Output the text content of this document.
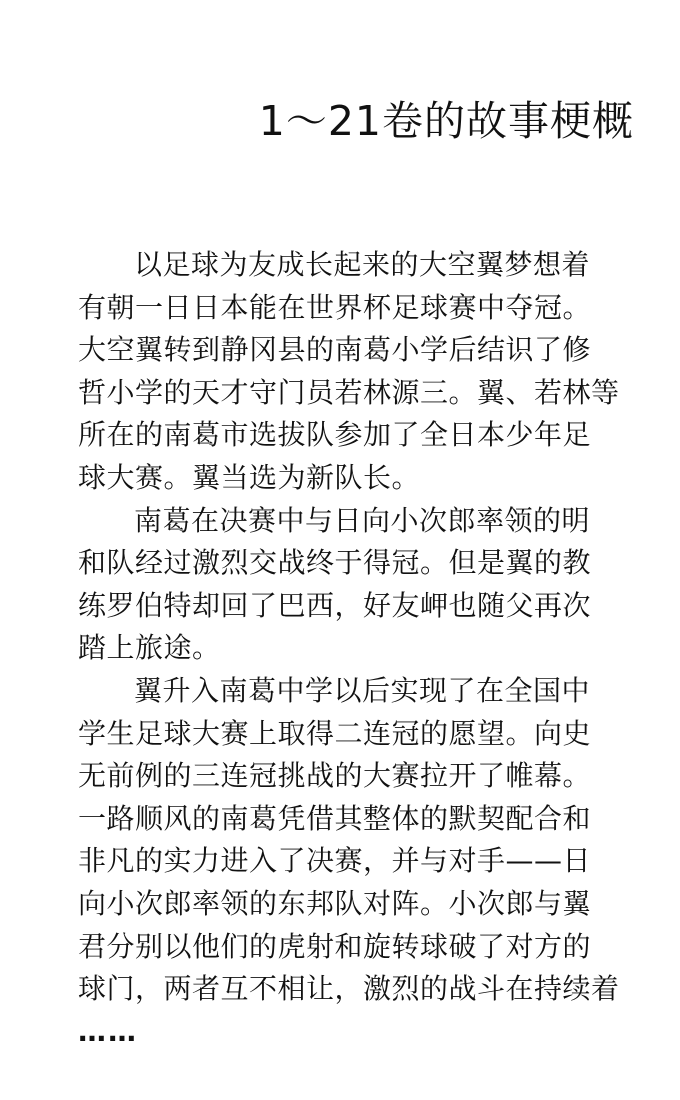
1～21卷的故事梗概
以足球为友成长起来的大空翼梦想着
有朝一日日本能在世界杯足球赛中夺冠。
大空翼转到静冈县的南葛小学后结识了修
哲小学的天才守门员若林源三。翼、若林等
所在的南葛市选拔队参加了全日本少年足
球大赛。翼当选为新队长。
南葛在决赛中与日向小次郎率领的明
和队经过激烈交战终于得冠。但是翼的教
练罗伯特却回了巴西，好友岬也随父再次
踏上旅途。
翼升入南葛中学以后实现了在全国中
学生足球大赛上取得二连冠的愿望。向史
无前例的三连冠挑战的大赛拉开了帷幕。
一路顺风的南葛凭借其整体的默契配合和
非凡的实力进入了决赛，并与对手——日
向小次郎率领的东邦队对阵。小次郎与翼
君分别以他们的虎射和旋转球破了对方的
球门，两者互不相让，激烈的战斗在持续着
……
